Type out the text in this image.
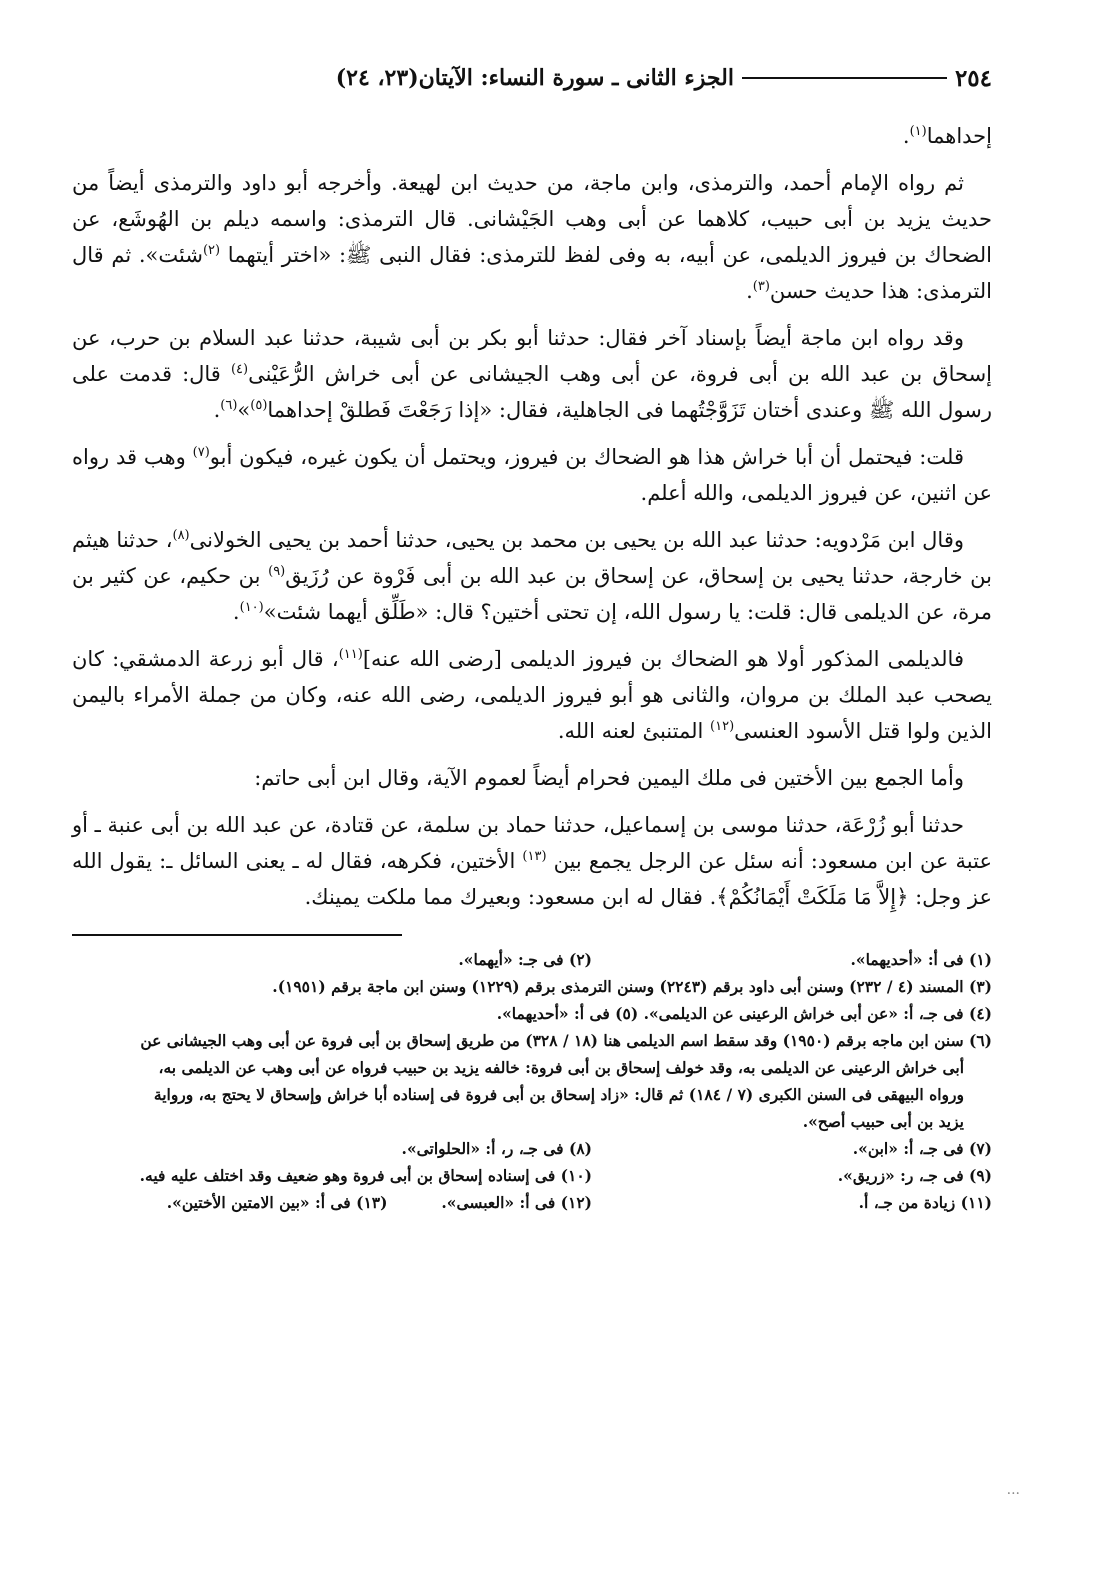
٢٥٤
الجزء الثانى ـ سورة النساء: الآيتان(٢٣، ٢٤)

إحداهما$^{(١)}$.

ثم رواه الإمام أحمد، والترمذى، وابن ماجة، من حديث ابن لهيعة. وأخرجه أبو داود والترمذى أيضاً من حديث يزيد بن أبى حبيب، كلاهما عن أبى وهب الجَيْشانى. قال الترمذى: واسمه ديلم بن الهُوشَع، عن الضحاك بن فيروز الديلمى، عن أبيه، به وفى لفظ للترمذى: فقال النبى ﷺ: «اختر أيتهما $^{(٢)}$شئت». ثم قال الترمذى: هذا حديث حسن$^{(٣)}$.

وقد رواه ابن ماجة أيضاً بإسناد آخر فقال: حدثنا أبو بكر بن أبى شيبة، حدثنا عبد السلام بن حرب، عن إسحاق بن عبد الله بن أبى فروة، عن أبى وهب الجيشانى عن أبى خراش الرُّعَيْنى$^{(٤)}$ قال: قدمت على رسول الله ﷺ وعندى أختان تَزَوَّجْتُهما فى الجاهلية، فقال: «إذا رَجَعْتَ فَطلقْ إحداهما$^{(٥)}$»$^{(٦)}$.

قلت: فيحتمل أن أبا خراش هذا هو الضحاك بن فيروز، ويحتمل أن يكون غيره، فيكون أبو$^{(٧)}$ وهب قد رواه عن اثنين، عن فيروز الديلمى، والله أعلم.

وقال ابن مَرْدويه: حدثنا عبد الله بن يحيى بن محمد بن يحيى، حدثنا أحمد بن يحيى الخولانى$^{(٨)}$، حدثنا هيثم بن خارجة، حدثنا يحيى بن إسحاق، عن إسحاق بن عبد الله بن أبى فَرْوة عن رُزَيق$^{(٩)}$ بن حكيم، عن كثير بن مرة، عن الديلمى قال: قلت: يا رسول الله، إن تحتى أختين؟ قال: «طَلِّق أيهما شئت»$^{(١٠)}$.

فالديلمى المذكور أولا هو الضحاك بن فيروز الديلمى [رضى الله عنه]$^{(١١)}$، قال أبو زرعة الدمشقي: كان يصحب عبد الملك بن مروان، والثانى هو أبو فيروز الديلمى، رضى الله عنه، وكان من جملة الأمراء باليمن الذين ولوا قتل الأسود العنسى$^{(١٢)}$ المتنبئ لعنه الله.

وأما الجمع بين الأختين فى ملك اليمين فحرام أيضاً لعموم الآية، وقال ابن أبى حاتم:

حدثنا أبو زُرْعَة، حدثنا موسى بن إسماعيل، حدثنا حماد بن سلمة، عن قتادة، عن عبد الله بن أبى عنبة ـ أو عتبة عن ابن مسعود: أنه سئل عن الرجل يجمع بين $^{(١٣)}$ الأختين، فكرهه، فقال له ـ يعنى السائل ـ: يقول الله عز وجل: ﴿إِلاَّ مَا مَلَكَتْ أَيْمَانُكُمْ﴾. فقال له ابن مسعود: وبعيرك مما ملكت يمينك.

(١) فى أ: «أحديهما».
(٢) فى جـ: «أيهما».
(٣) المسند (٤ / ٢٣٢) وسنن أبى داود برقم (٢٢٤٣) وسنن الترمذى برقم (١٢٢٩) وسنن ابن ماجة برقم (١٩٥١).
(٤) فى جـ، أ: «عن أبى خراش الرعينى عن الديلمى». (٥) فى أ: «أحديهما».
(٦) سنن ابن ماجه برقم (١٩٥٠) وقد سقط اسم الديلمى هنا (١٨ / ٣٢٨) من طريق إسحاق بن أبى فروة عن أبى وهب الجيشانى عن
أبى خراش الرعينى عن الديلمى به، وقد خولف إسحاق بن أبى فروة: خالفه يزيد بن حبيب فرواه عن أبى وهب عن الديلمى به،
ورواه البيهقى فى السنن الكبرى (٧ / ١٨٤) ثم قال: «زاد إسحاق بن أبى فروة فى إسناده أبا خراش وإسحاق لا يحتج به، ورواية
يزيد بن أبى حبيب أصح».
(٧) فى جـ، أ: «ابن».
(٨) فى جـ، ر، أ: «الحلواتى».
(٩) فى جـ، ر: «زريق».
(١٠) فى إسناده إسحاق بن أبى فروة وهو ضعيف وقد اختلف عليه فيه.
(١١) زيادة من جـ، أ.
(١٢) فى أ: «العبسى».          (١٣) فى أ: «بين الامتين الأختين».
...
